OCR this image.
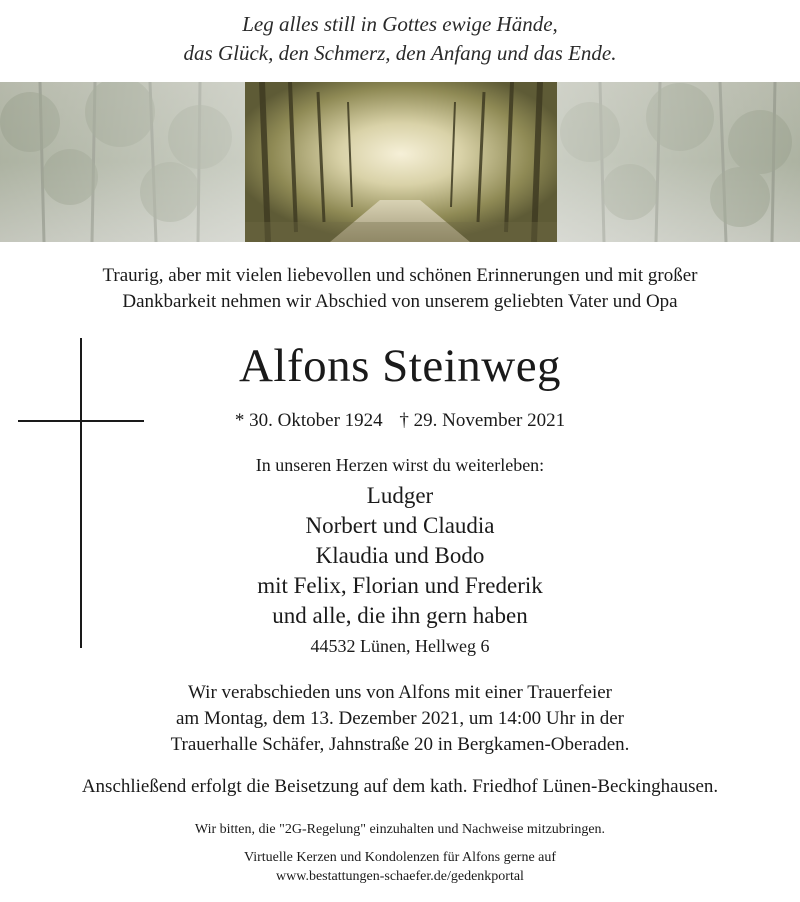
Leg alles still in Gottes ewige Hände,
das Glück, den Schmerz, den Anfang und das Ende.
Traurig, aber mit vielen liebevollen und schönen Erinnerungen und mit großer
Dankbarkeit nehmen wir Abschied von unserem geliebten Vater und Opa
Alfons Steinweg
* 30. Oktober 1924 † 29. November 2021
In unseren Herzen wirst du weiterleben:
Ludger
Norbert und Claudia
Klaudia und Bodo
mit Felix, Florian und Frederik
und alle, die ihn gern haben
44532 Lünen, Hellweg 6
Wir verabschieden uns von Alfons mit einer Trauerfeier
am Montag, dem 13. Dezember 2021, um 14:00 Uhr in der
Trauerhalle Schäfer, Jahnstraße 20 in Bergkamen-Oberaden.
Anschließend erfolgt die Beisetzung auf dem kath. Friedhof Lünen-Beckinghausen.
Wir bitten, die "2G-Regelung" einzuhalten und Nachweise mitzubringen.
Virtuelle Kerzen und Kondolenzen für Alfons gerne auf
www.bestattungen-schaefer.de/gedenkportal
